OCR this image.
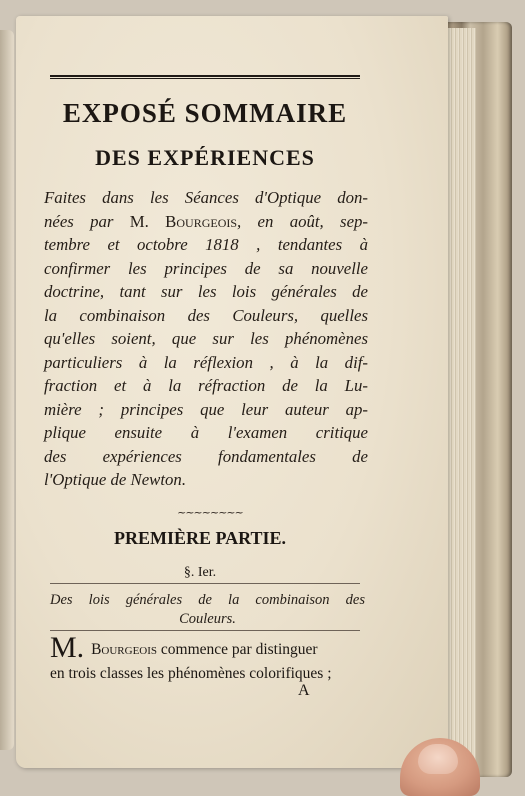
EXPOSÉ SOMMAIRE
DES EXPÉRIENCES
Faites dans les Séances d'Optique don-
nées par M. Bourgeois, en août, sep-
tembre et octobre 1818 , tendantes à
confirmer les principes de sa nouvelle
doctrine, tant sur les lois générales de
la combinaison des Couleurs, quelles
qu'elles soient, que sur les phénomènes
particuliers à la réflexion , à la dif-
fraction et à la réfraction de la Lu-
mière ; principes que leur auteur ap-
plique ensuite à l'examen critique
des expériences fondamentales de
l'Optique de Newton.
~~~~~~~~
PREMIÈRE PARTIE.
§. Ier.
Des lois générales de la combinaison des
Couleurs.
M. Bourgeois commence par distinguer
en trois classes les phénomènes colorifiques ;
A
